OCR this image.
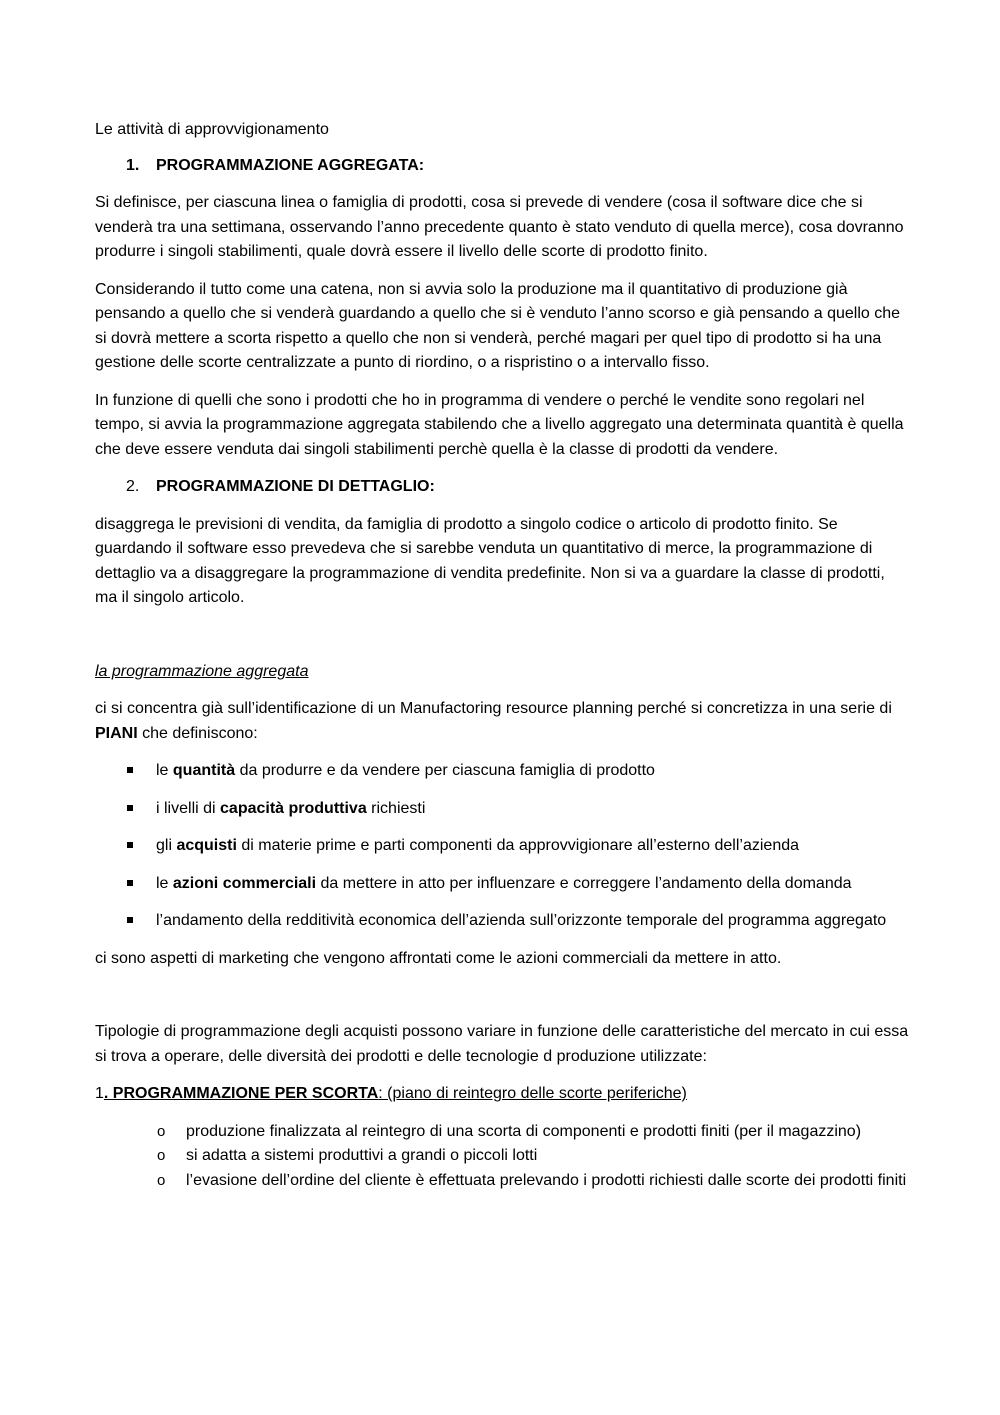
Le attività di approvvigionamento

1.	PROGRAMMAZIONE AGGREGATA:

Si definisce, per ciascuna linea o famiglia di prodotti, cosa si prevede di vendere (cosa il software dice che si venderà tra una settimana, osservando l’anno precedente quanto è stato venduto di quella merce), cosa dovranno produrre i singoli stabilimenti, quale dovrà essere il livello delle scorte di prodotto finito.

Considerando il tutto come una catena, non si avvia solo la produzione ma il quantitativo di produzione già pensando a quello che si venderà guardando a quello che si è venduto l’anno scorso e già pensando a quello che si dovrà mettere a scorta rispetto a quello che non si venderà, perché magari per quel tipo di prodotto si ha una gestione delle scorte centralizzate a punto di riordino, o a rispristino o a intervallo fisso.

In funzione di quelli che sono i prodotti che ho in programma di vendere o perché le vendite sono regolari nel tempo, si avvia la programmazione aggregata stabilendo che a livello aggregato una determinata quantità è quella che deve essere venduta dai singoli stabilimenti perchè quella è la classe di prodotti da vendere.

2.	PROGRAMMAZIONE DI DETTAGLIO:

disaggrega le previsioni di vendita, da famiglia di prodotto a singolo codice o articolo di prodotto finito. Se guardando il software esso prevedeva che si sarebbe venduta un quantitativo di merce, la programmazione di dettaglio va a disaggregare la programmazione di vendita predefinite. Non si va a guardare la classe di prodotti, ma il singolo articolo.

la programmazione aggregata

ci si concentra già sull’identificazione di un Manufactoring resource planning perché si concretizza in una serie di PIANI che definiscono:

le quantità da produrre e da vendere per ciascuna famiglia di prodotto
i livelli di capacità produttiva richiesti
gli acquisti di materie prime e parti componenti da approvvigionare all’esterno dell’azienda
le azioni commerciali da mettere in atto per influenzare e correggere l’andamento della domanda
l’andamento della redditività economica dell’azienda sull’orizzonte temporale del programma aggregato

ci sono aspetti di marketing che vengono affrontati come le azioni commerciali da mettere in atto.

Tipologie di programmazione degli acquisti possono variare in funzione delle caratteristiche del mercato in cui essa si trova a operare, delle diversità dei prodotti e delle tecnologie d produzione utilizzate:

1. PROGRAMMAZIONE PER SCORTA: (piano di reintegro delle scorte periferiche)

o produzione finalizzata al reintegro di una scorta di componenti e prodotti finiti (per il magazzino)
o si adatta a sistemi produttivi a grandi o piccoli lotti
o l’evasione dell’ordine del cliente è effettuata prelevando i prodotti richiesti dalle scorte dei prodotti finiti
